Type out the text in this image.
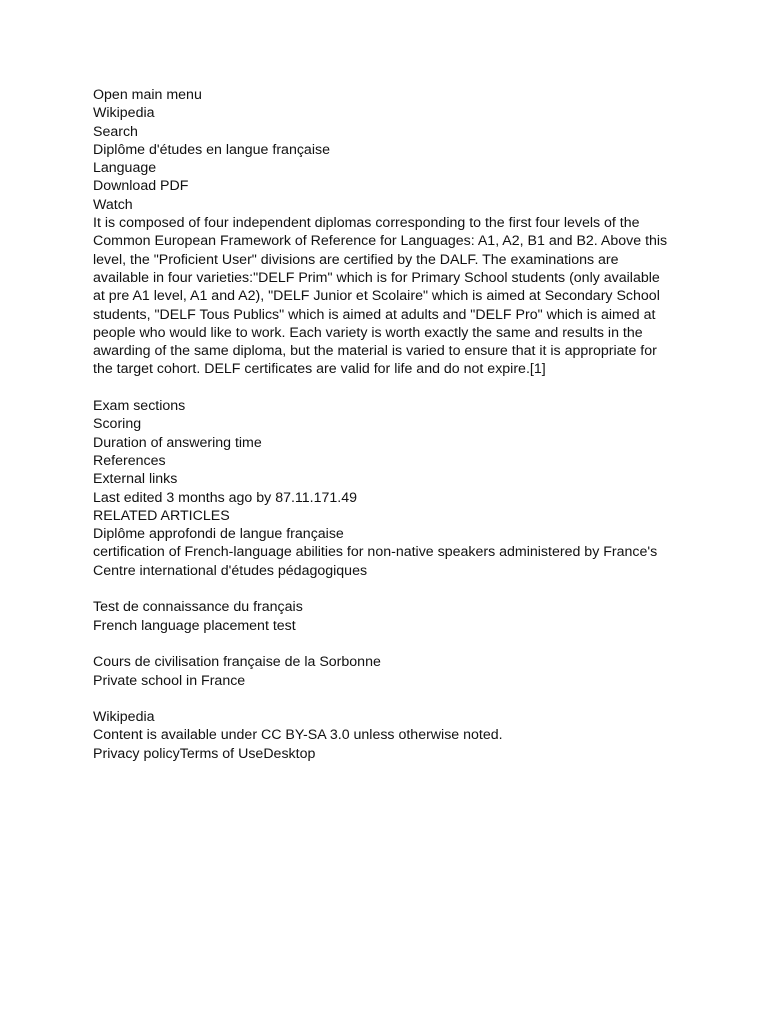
Open main menu
Wikipedia
Search
Diplôme d'études en langue française
Language
Download PDF
Watch
It is composed of four independent diplomas corresponding to the first four levels of the Common European Framework of Reference for Languages: A1, A2, B1 and B2. Above this level, the "Proficient User" divisions are certified by the DALF. The examinations are available in four varieties:"DELF Prim" which is for Primary School students (only available at pre A1 level, A1 and A2), "DELF Junior et Scolaire" which is aimed at Secondary School students, "DELF Tous Publics" which is aimed at adults and "DELF Pro" which is aimed at people who would like to work. Each variety is worth exactly the same and results in the awarding of the same diploma, but the material is varied to ensure that it is appropriate for the target cohort. DELF certificates are valid for life and do not expire.[1]
Exam sections
Scoring
Duration of answering time
References
External links
Last edited 3 months ago by 87.11.171.49
RELATED ARTICLES
Diplôme approfondi de langue française
certification of French-language abilities for non-native speakers administered by France's Centre international d'études pédagogiques
Test de connaissance du français
French language placement test
Cours de civilisation française de la Sorbonne
Private school in France
Wikipedia
Content is available under CC BY-SA 3.0 unless otherwise noted.
Privacy policyTerms of UseDesktop
